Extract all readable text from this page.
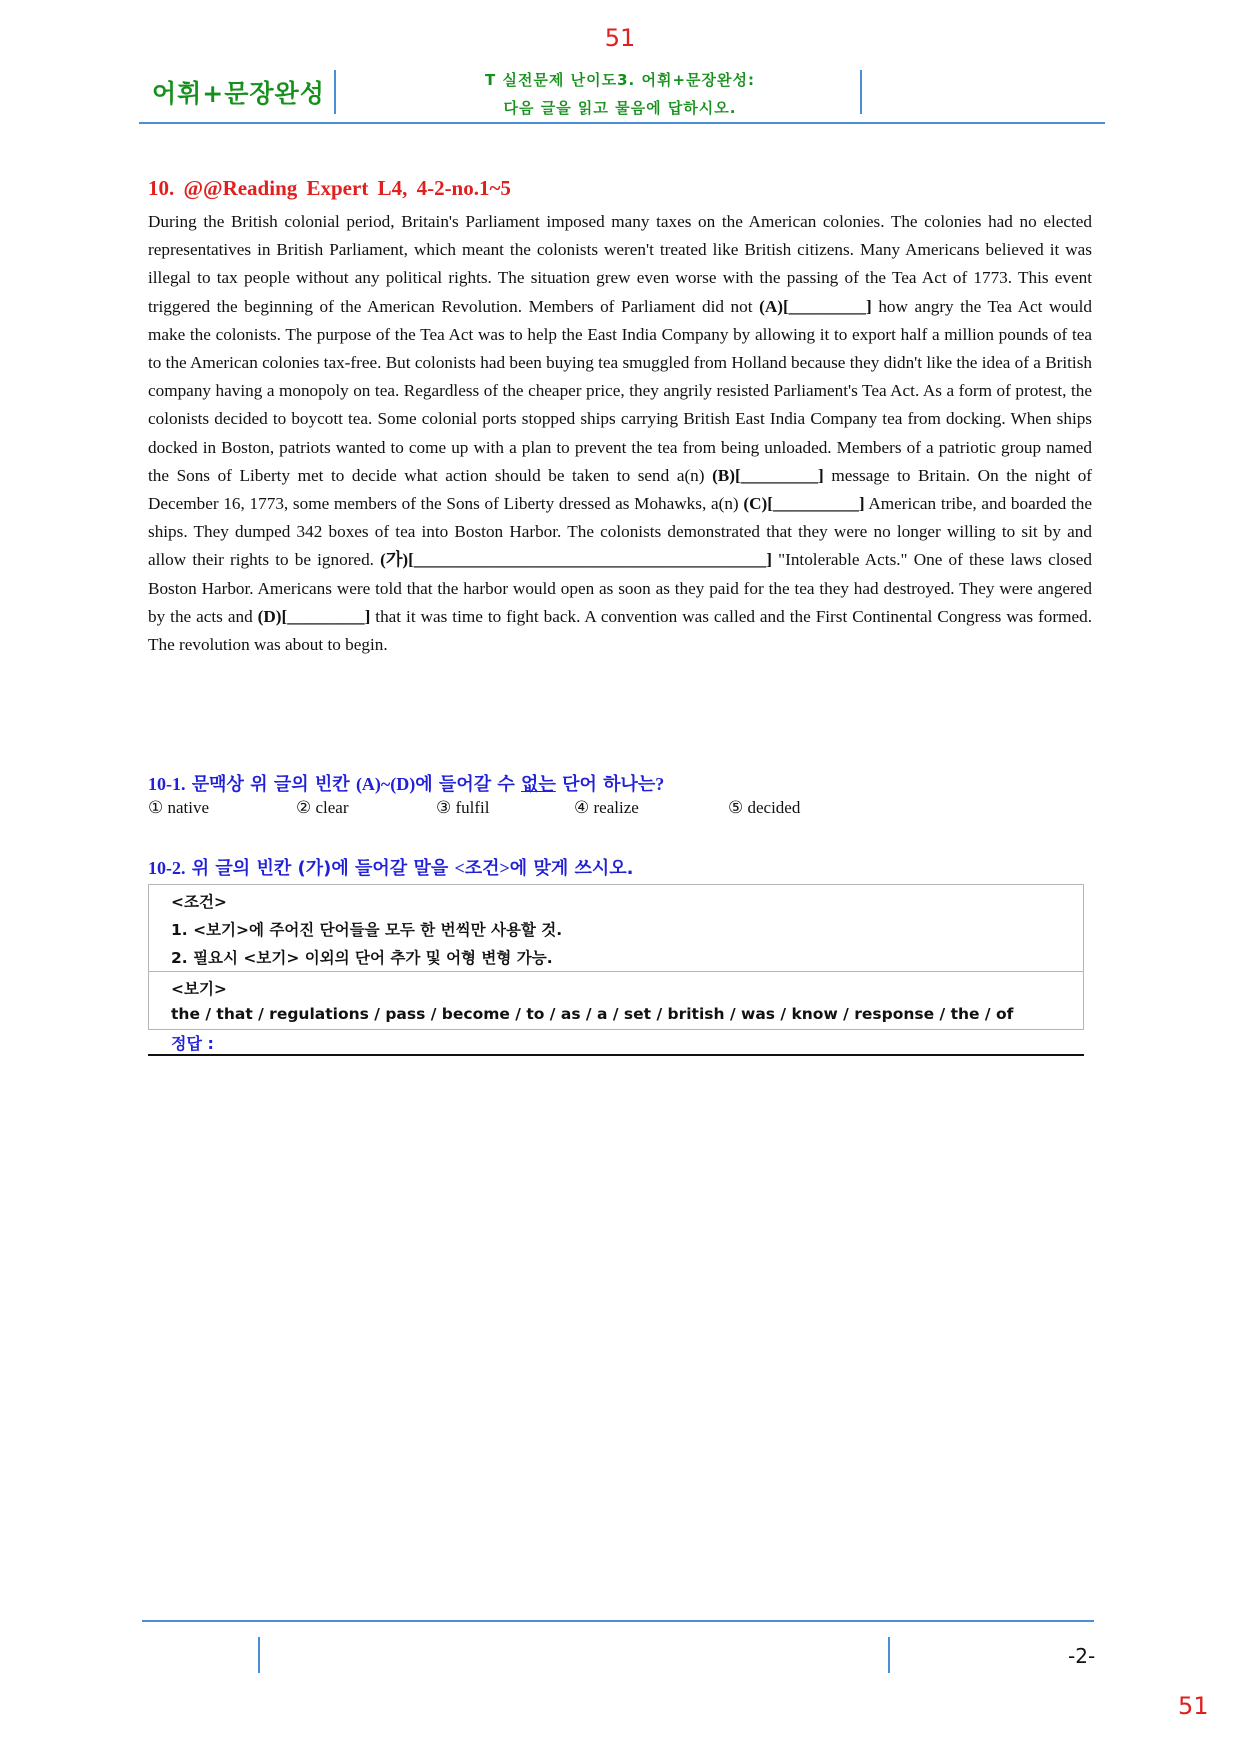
51
어휘+문장완성	T 실전문제 난이도3. 어휘+문장완성:
다음 글을 읽고 물음에 답하시오.
10. @@Reading Expert L4, 4-2-no.1~5
During the British colonial period, Britain's Parliament imposed many taxes on the American colonies. The colonies had no elected representatives in British Parliament, which meant the colonists weren't treated like British citizens. Many Americans believed it was illegal to tax people without any political rights. The situation grew even worse with the passing of the Tea Act of 1773. This event triggered the beginning of the American Revolution. Members of Parliament did not (A)[_________] how angry the Tea Act would make the colonists. The purpose of the Tea Act was to help the East India Company by allowing it to export half a million pounds of tea to the American colonies tax-free. But colonists had been buying tea smuggled from Holland because they didn't like the idea of a British company having a monopoly on tea. Regardless of the cheaper price, they angrily resisted Parliament's Tea Act. As a form of protest, the colonists decided to boycott tea. Some colonial ports stopped ships carrying British East India Company tea from docking. When ships docked in Boston, patriots wanted to come up with a plan to prevent the tea from being unloaded. Members of a patriotic group named the Sons of Liberty met to decide what action should be taken to send a(n) (B)[_________] message to Britain. On the night of December 16, 1773, some members of the Sons of Liberty dressed as Mohawks, a(n) (C)[__________] American tribe, and boarded the ships. They dumped 342 boxes of tea into Boston Harbor. The colonists demonstrated that they were no longer willing to sit by and allow their rights to be ignored. (가)[_________________________________________] "Intolerable Acts." One of these laws closed Boston Harbor. Americans were told that the harbor would open as soon as they paid for the tea they had destroyed. They were angered by the acts and (D)[_________] that it was time to fight back. A convention was called and the First Continental Congress was formed. The revolution was about to begin.
10-1. 문맥상 위 글의 빈칸 (A)~(D)에 들어갈 수 없는 단어 하나는?
① native	② clear	③ fulfil	④ realize	⑤ decided
10-2. 위 글의 빈칸 (가)에 들어갈 말을 <조건>에 맞게 쓰시오.
<조건>
1. <보기>에 주어진 단어들을 모두 한 번씩만 사용할 것.
2. 필요시 <보기> 이외의 단어 추가 및 어형 변형 가능.
<보기>
the / that / regulations / pass / become / to / as / a / set / british / was / know / response / the / of
정답 :
-2-
51
